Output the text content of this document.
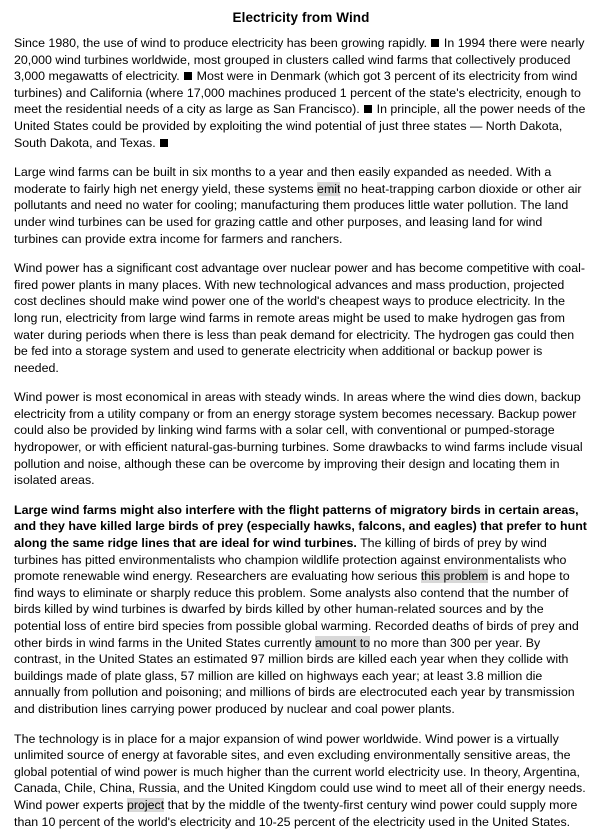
Electricity from Wind

Since 1980, the use of wind to produce electricity has been growing rapidly.  In 1994 there were nearly 20,000 wind turbines worldwide, most grouped in clusters called wind farms that collectively produced 3,000 megawatts of electricity.  Most were in Denmark (which got 3 percent of its electricity from wind turbines) and California (where 17,000 machines produced 1 percent of the state's electricity, enough to meet the residential needs of a city as large as San Francisco).  In principle, all the power needs of the United States could be provided by exploiting the wind potential of just three states — North Dakota, South Dakota, and Texas.

Large wind farms can be built in six months to a year and then easily expanded as needed. With a moderate to fairly high net energy yield, these systems emit no heat-trapping carbon dioxide or other air pollutants and need no water for cooling; manufacturing them produces little water pollution. The land under wind turbines can be used for grazing cattle and other purposes, and leasing land for wind turbines can provide extra income for farmers and ranchers.

Wind power has a significant cost advantage over nuclear power and has become competitive with coal-fired power plants in many places. With new technological advances and mass production, projected cost declines should make wind power one of the world's cheapest ways to produce electricity. In the long run, electricity from large wind farms in remote areas might be used to make hydrogen gas from water during periods when there is less than peak demand for electricity. The hydrogen gas could then be fed into a storage system and used to generate electricity when additional or backup power is needed.

Wind power is most economical in areas with steady winds. In areas where the wind dies down, backup electricity from a utility company or from an energy storage system becomes necessary. Backup power could also be provided by linking wind farms with a solar cell, with conventional or pumped-storage hydropower, or with efficient natural-gas-burning turbines. Some drawbacks to wind farms include visual pollution and noise, although these can be overcome by improving their design and locating them in isolated areas.

Large wind farms might also interfere with the flight patterns of migratory birds in certain areas, and they have killed large birds of prey (especially hawks, falcons, and eagles) that prefer to hunt along the same ridge lines that are ideal for wind turbines. The killing of birds of prey by wind turbines has pitted environmentalists who champion wildlife protection against environmentalists who promote renewable wind energy. Researchers are evaluating how serious this problem is and hope to find ways to eliminate or sharply reduce this problem. Some analysts also contend that the number of birds killed by wind turbines is dwarfed by birds killed by other human-related sources and by the potential loss of entire bird species from possible global warming. Recorded deaths of birds of prey and other birds in wind farms in the United States currently amount to no more than 300 per year. By contrast, in the United States an estimated 97 million birds are killed each year when they collide with buildings made of plate glass, 57 million are killed on highways each year; at least 3.8 million die annually from pollution and poisoning; and millions of birds are electrocuted each year by transmission and distribution lines carrying power produced by nuclear and coal power plants.

The technology is in place for a major expansion of wind power worldwide. Wind power is a virtually unlimited source of energy at favorable sites, and even excluding environmentally sensitive areas, the global potential of wind power is much higher than the current world electricity use. In theory, Argentina, Canada, Chile, China, Russia, and the United Kingdom could use wind to meet all of their energy needs. Wind power experts project that by the middle of the twenty-first century wind power could supply more than 10 percent of the world's electricity and 10-25 percent of the electricity used in the United States.
